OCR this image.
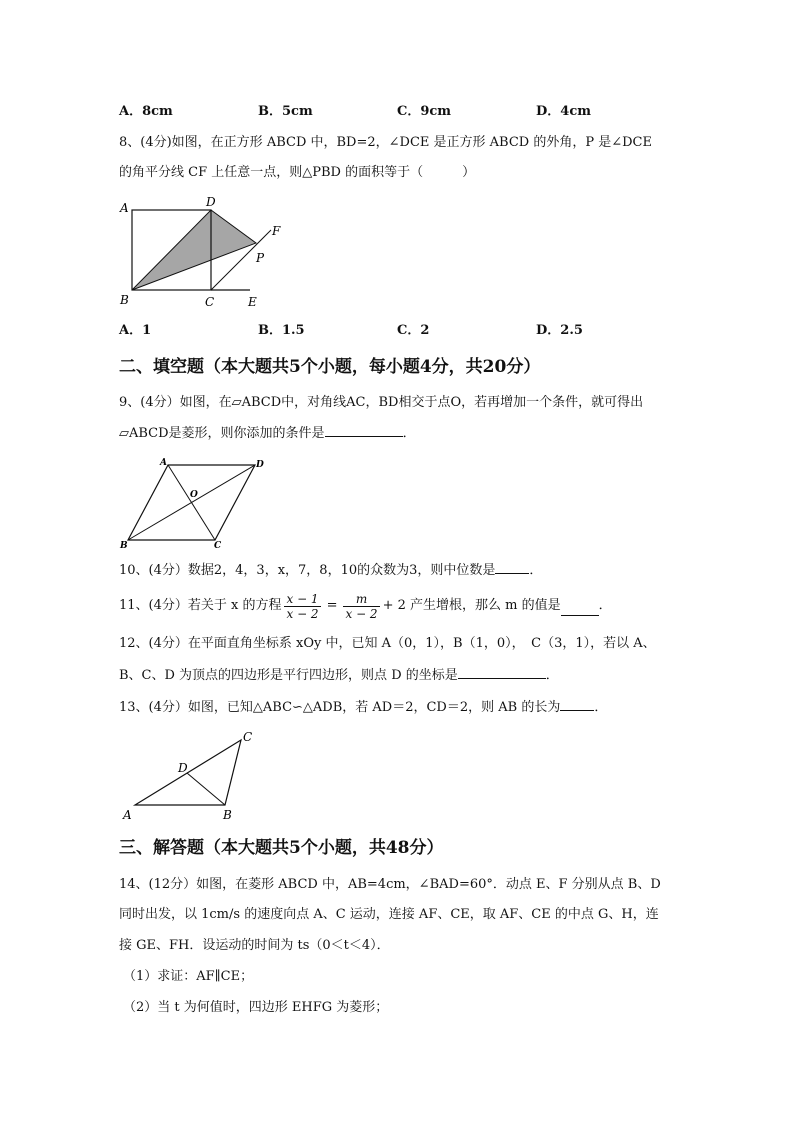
A．8cm	B．5cm	C．9cm	D．4cm
8、(4分)如图，在正方形 ABCD 中，BD=2，∠DCE 是正方形 ABCD 的外角，P 是∠DCE
的角平分线 CF 上任意一点，则△PBD 的面积等于（　　　）
A	D
F
P
B	C	E
A．1	B．1.5	C．2	D．2.5
二、填空题（本大题共5个小题，每小题4分，共20分）
9、(4分）如图，在▱ABCD中，对角线AC，BD相交于点O，若再增加一个条件，就可得出
▱ABCD是菱形，则你添加的条件是	．
A	D
O
B	C
10、(4分）数据2，4，3，x，7，8，10的众数为3，则中位数是	．
11、(4分）若关于 x 的方程 $\frac{x - 1}{x - 2} = \frac{m}{x - 2} + 2$ 产生增根，那么 m 的值是	．
12、(4分）在平面直角坐标系 xOy 中，已知 A（0，1），B（1，0），　C（3，1），若以 A、
B、C、D 为顶点的四边形是平行四边形，则点 D 的坐标是	．
13、(4分）如图，已知△ABC∽△ADB，若 AD＝2，CD＝2，则 AB 的长为	．
C
D
A	B
三、解答题（本大题共5个小题，共48分）
14、(12分）如图，在菱形 ABCD 中，AB=4cm，∠BAD=60°．动点 E、F 分别从点 B、D
同时出发，以 1cm/s 的速度向点 A、C 运动，连接 AF、CE，取 AF、CE 的中点 G、H，连
接 GE、FH．设运动的时间为 ts（0＜t＜4）．
（1）求证：AF∥CE；
（2）当 t 为何值时，四边形 EHFG 为菱形；
